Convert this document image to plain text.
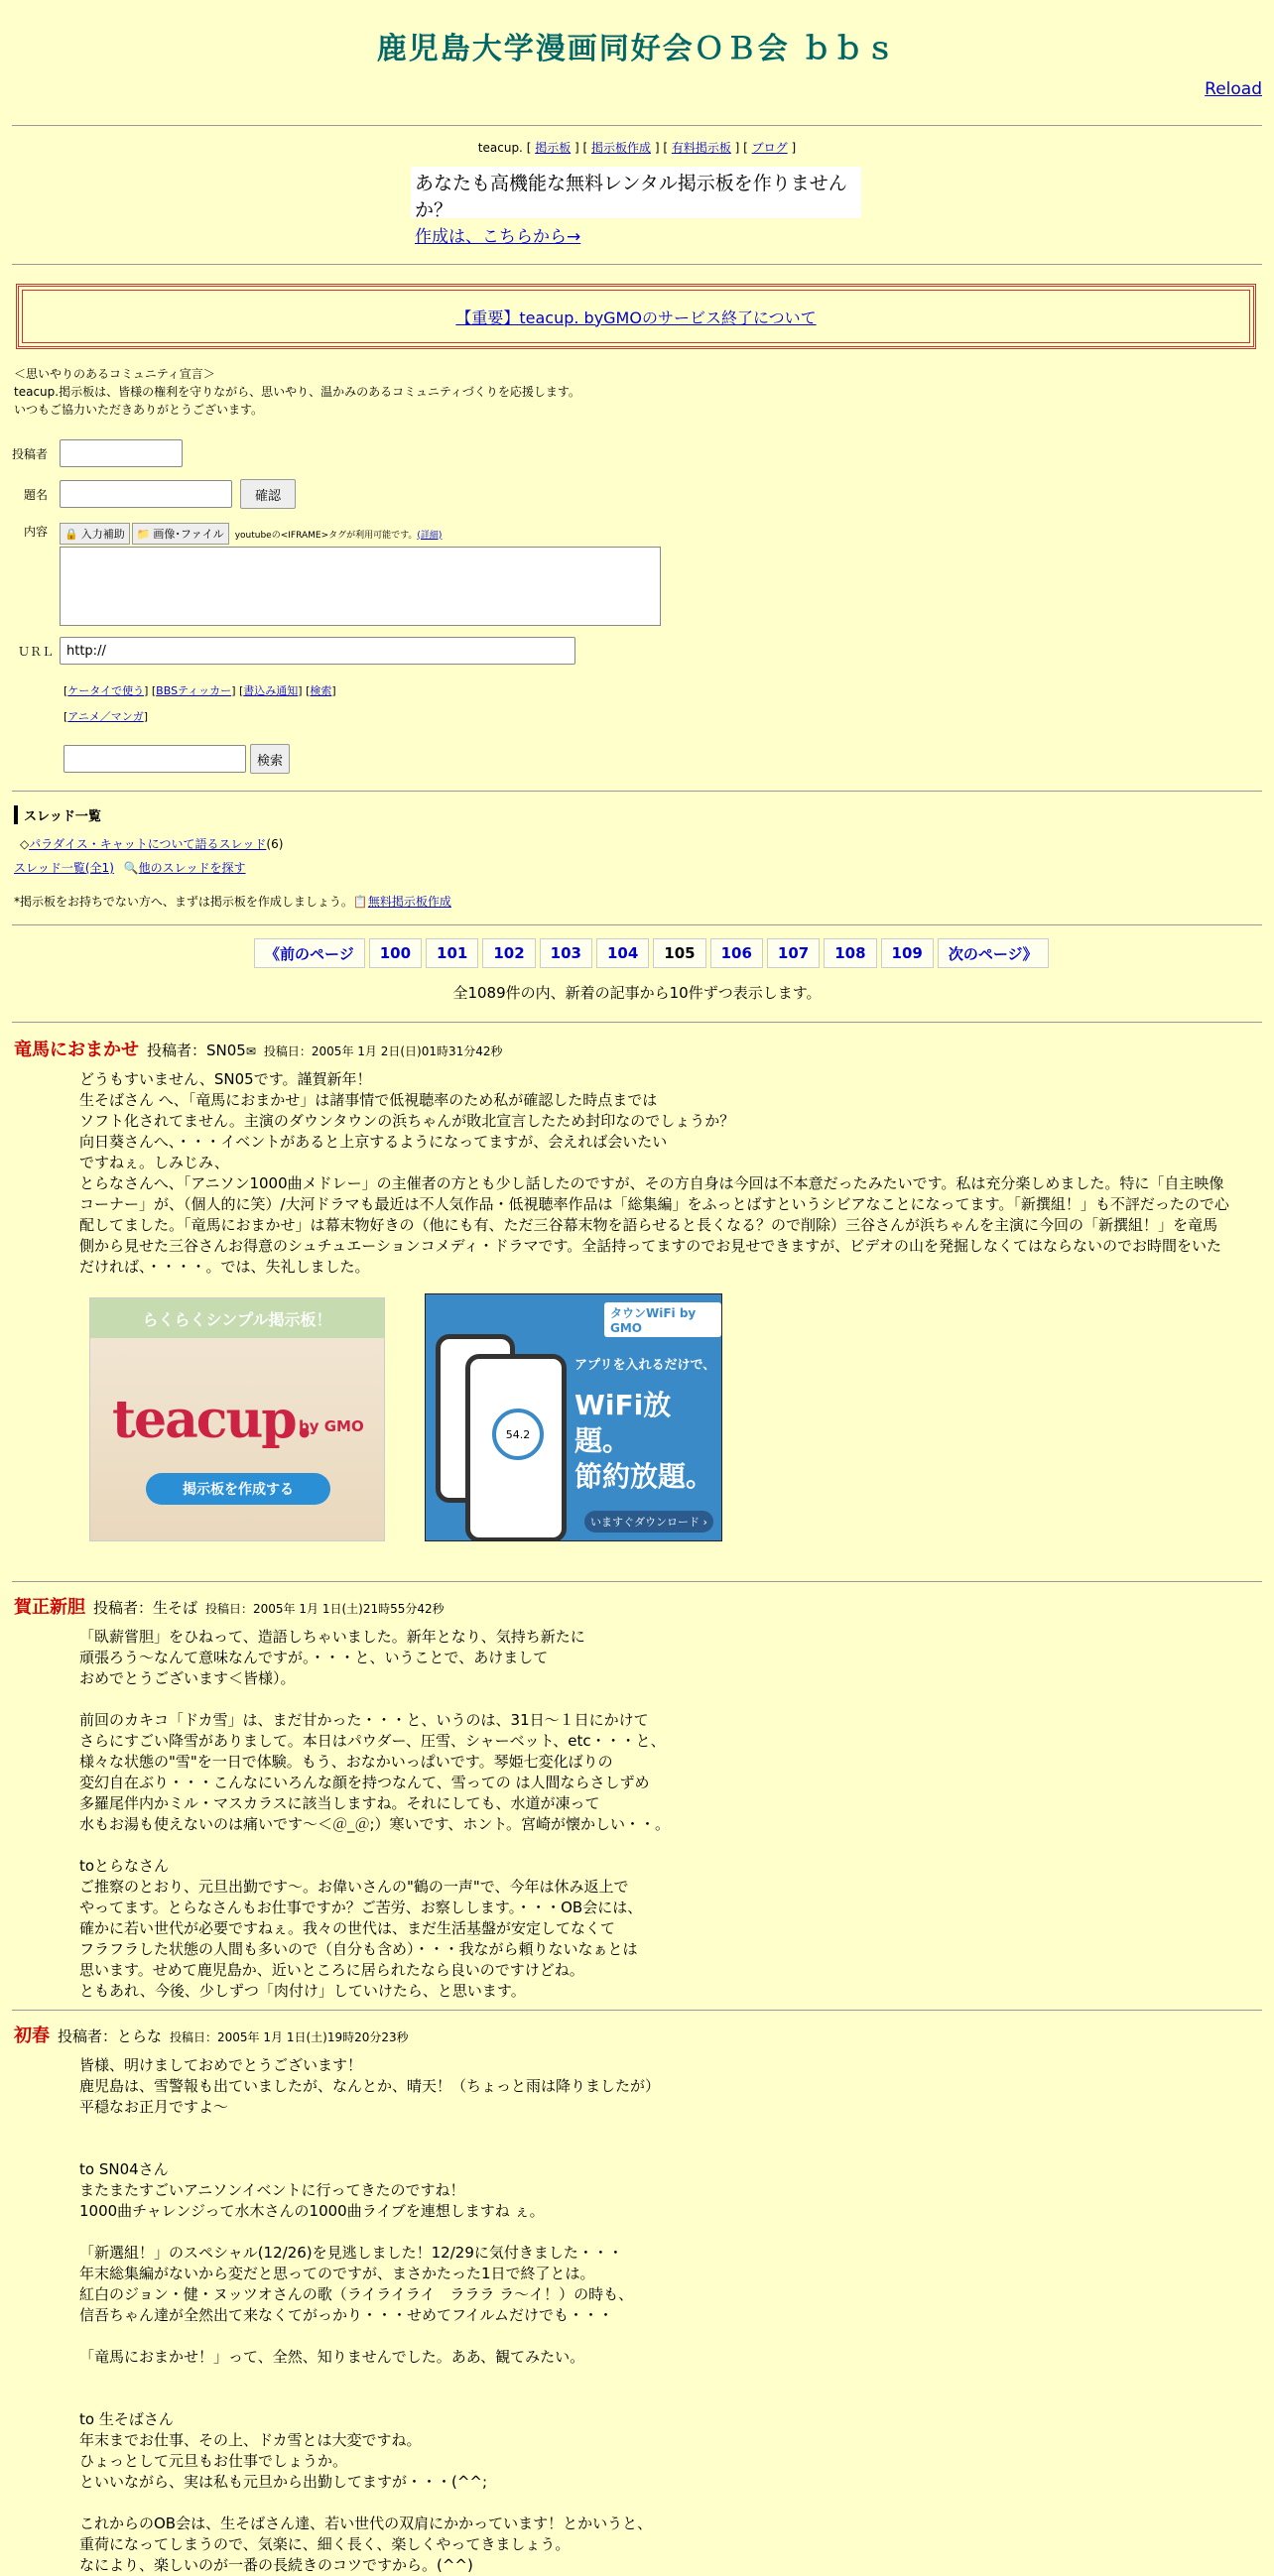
鹿児島大学漫画同好会ＯＢ会 ｂｂｓ
Reload
teacup. [ 掲示板 ] [ 掲示板作成 ] [ 有料掲示板 ] [ ブログ ]
あなたも高機能な無料レンタル掲示板を作りませんか？
作成は、こちらから→
【重要】teacup. byGMOのサービス終了について
＜思いやりのあるコミュニティ宣言＞
teacup.掲示板は、皆様の権利を守りながら、思いやり、温かみのあるコミュニティづくりを応援します。
いつもご協力いただきありがとうございます。
投稿者
題名	確認
内容	🔒 入力補助 📁 画像･ファイル youtubeの<IFRAME>タグが利用可能です。 (詳細)
ＵＲＬ
http://
[ケータイで使う] [BBSティッカー] [書込み通知] [検索]
[アニメ／マンガ]
検索
スレッド一覧
◇パラダイス・キャットについて語るスレッド(6)
スレッド一覧(全1) 🔍他のスレッドを探す
*掲示板をお持ちでない方へ、まずは掲示板を作成しましょう。📋無料掲示板作成
《前のページ 100 101 102 103 104 105 106 107 108 109 次のページ》
全1089件の内、新着の記事から10件ずつ表示します。
竜馬におまかせ 投稿者：SN05 ✉ 投稿日：2005年 1月 2日(日)01時31分42秒
どうもすいません、SN05です。謹賀新年！
生そばさん へ、「竜馬におまかせ」は諸事情で低視聴率のため私が確認した時点までは
ソフト化されてません。主演のダウンタウンの浜ちゃんが敗北宣言したため封印なのでしょうか？
向日葵さんへ、・・・イベントがあると上京するようになってますが、会えれば会いたい
ですねぇ。しみじみ、
とらなさんへ、「アニソン1000曲メドレー」の主催者の方とも少し話したのですが、その方自身は今回は不本意だったみたいです。私は充分楽しめました。特に「自主映像コーナー」が、（個人的に笑）/大河ドラマも最近は不人気作品・低視聴率作品は「総集編」をふっとばすというシビアなことになってます。「新撰組！」も不評だったので心配してました。「竜馬におまかせ」は幕末物好きの（他にも有、ただ三谷幕末物を語らせると長くなる？ので削除）三谷さんが浜ちゃんを主演に今回の「新撰組！」を竜馬側から見せた三谷さんお得意のシュチュエーションコメディ・ドラマです。全話持ってますのでお見せできますが、ビデオの山を発掘しなくてはならないのでお時間をいただければ、・・・・。では、失礼しました。
らくらくシンプル掲示板！
teacup.
by GMO
掲示板を作成する
タウンWiFi by GMO
54.2
アプリを入れるだけで、
WiFi放題。
節約放題。
いますぐダウンロード ›
賀正新胆 投稿者：生そば 投稿日：2005年 1月 1日(土)21時55分42秒
「臥薪嘗胆」をひねって、造語しちゃいました。新年となり、気持ち新たに
頑張ろう～なんて意味なんですが。・・・と、いうことで、あけまして
おめでとうございます＜皆様）。

前回のカキコ「ドカ雪」は、まだ甘かった・・・と、いうのは、31日～１日にかけて
さらにすごい降雪がありまして。本日はパウダー、圧雪、シャーベット、etc・・・と、
様々な状態の"雪"を一日で体験。もう、おなかいっぱいです。琴姫七変化ばりの
変幻自在ぶり・・・こんなにいろんな顔を持つなんて、雪っての は人間ならさしずめ
多羅尾伴内かミル・マスカラスに該当しますね。それにしても、水道が凍って
水もお湯も使えないのは痛いです～＜＠_＠;）寒いです、ホント。宮崎が懐かしい・・。

toとらなさん
ご推察のとおり、元旦出勤です～。お偉いさんの"鶴の一声"で、今年は休み返上で
やってます。とらなさんもお仕事ですか？ご苦労、お察しします。・・・OB会には、
確かに若い世代が必要ですねぇ。我々の世代は、まだ生活基盤が安定してなくて
フラフラした状態の人間も多いので（自分も含め）・・・我ながら頼りないなぁとは
思います。せめて鹿児島か、近いところに居られたなら良いのですけどね。
ともあれ、今後、少しずつ「肉付け」していけたら、と思います。
初春 投稿者：とらな 投稿日：2005年 1月 1日(土)19時20分23秒
皆様、明けましておめでとうございます！
鹿児島は、雪警報も出ていましたが、なんとか、晴天！（ちょっと雨は降りましたが）
平穏なお正月ですよ～

to SN04さん
またまたすごいアニソンイベントに行ってきたのですね！
1000曲チャレンジって水木さんの1000曲ライブを連想しますね ぇ。

「新選組！」のスペシャル(12/26)を見逃しました！12/29に気付きました・・・
年末総集編がないから変だと思ってのですが、まさかたった1日で終了とは。
紅白のジョン・健・ヌッツオさんの歌（ライライライ　ラララ ラ～イ！）の時も、
信吾ちゃん達が全然出て来なくてがっかり・・・せめてフイルムだけでも・・・

「竜馬におまかせ！」って、全然、知りませんでした。ああ、観てみたい。

to 生そばさん
年末までお仕事、その上、ドカ雪とは大変ですね。
ひょっとして元旦もお仕事でしょうか。
といいながら、実は私も元旦から出勤してますが・・・(^^;

これからのOB会は、生そばさん達、若い世代の双肩にかかっています！とかいうと、
重荷になってしまうので、気楽に、細く長く、楽しくやってきましょう。
なにより、楽しいのが一番の長続きのコツですから。(^^)
